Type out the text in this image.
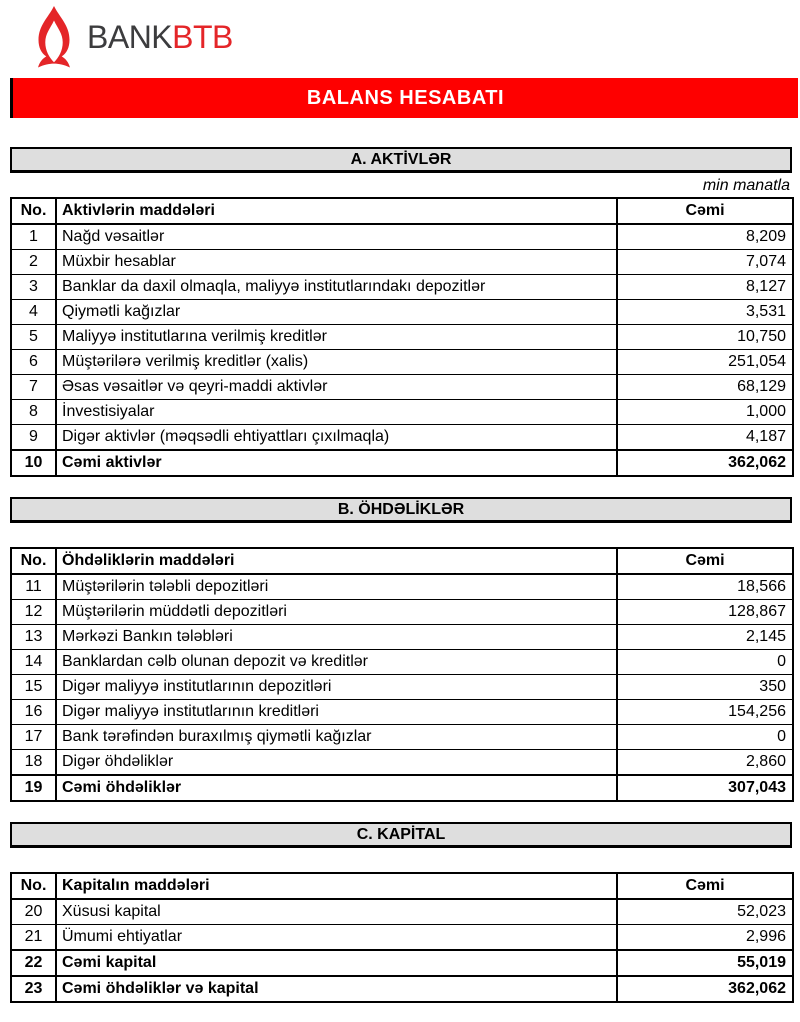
BANKBTB
BALANS HESABATI
A. AKTİVLƏR
min manatla
No.	Aktivlərin maddələri	Cəmi
1	Nağd vəsaitlər	8,209
2	Müxbir hesablar	7,074
3	Banklar da daxil olmaqla, maliyyə institutlarındakı depozitlər	8,127
4	Qiymətli kağızlar	3,531
5	Maliyyə institutlarına verilmiş kreditlər	10,750
6	Müştərilərə verilmiş kreditlər (xalis)	251,054
7	Əsas vəsaitlər və qeyri-maddi aktivlər	68,129
8	İnvestisiyalar	1,000
9	Digər aktivlər (məqsədli ehtiyattları çıxılmaqla)	4,187
10	Cəmi aktivlər	362,062
B. ÖHDƏLİKLƏR
No.	Öhdəliklərin maddələri	Cəmi
11	Müştərilərin tələbli depozitləri	18,566
12	Müştərilərin müddətli depozitləri	128,867
13	Mərkəzi Bankın tələbləri	2,145
14	Banklardan cəlb olunan depozit və kreditlər	0
15	Digər maliyyə institutlarının depozitləri	350
16	Digər maliyyə institutlarının kreditləri	154,256
17	Bank tərəfindən buraxılmış qiymətli kağızlar	0
18	Digər öhdəliklər	2,860
19	Cəmi öhdəliklər	307,043
C. KAPİTAL
No.	Kapitalın maddələri	Cəmi
20	Xüsusi kapital	52,023
21	Ümumi ehtiyatlar	2,996
22	Cəmi kapital	55,019
23	Cəmi öhdəliklər və kapital	362,062
